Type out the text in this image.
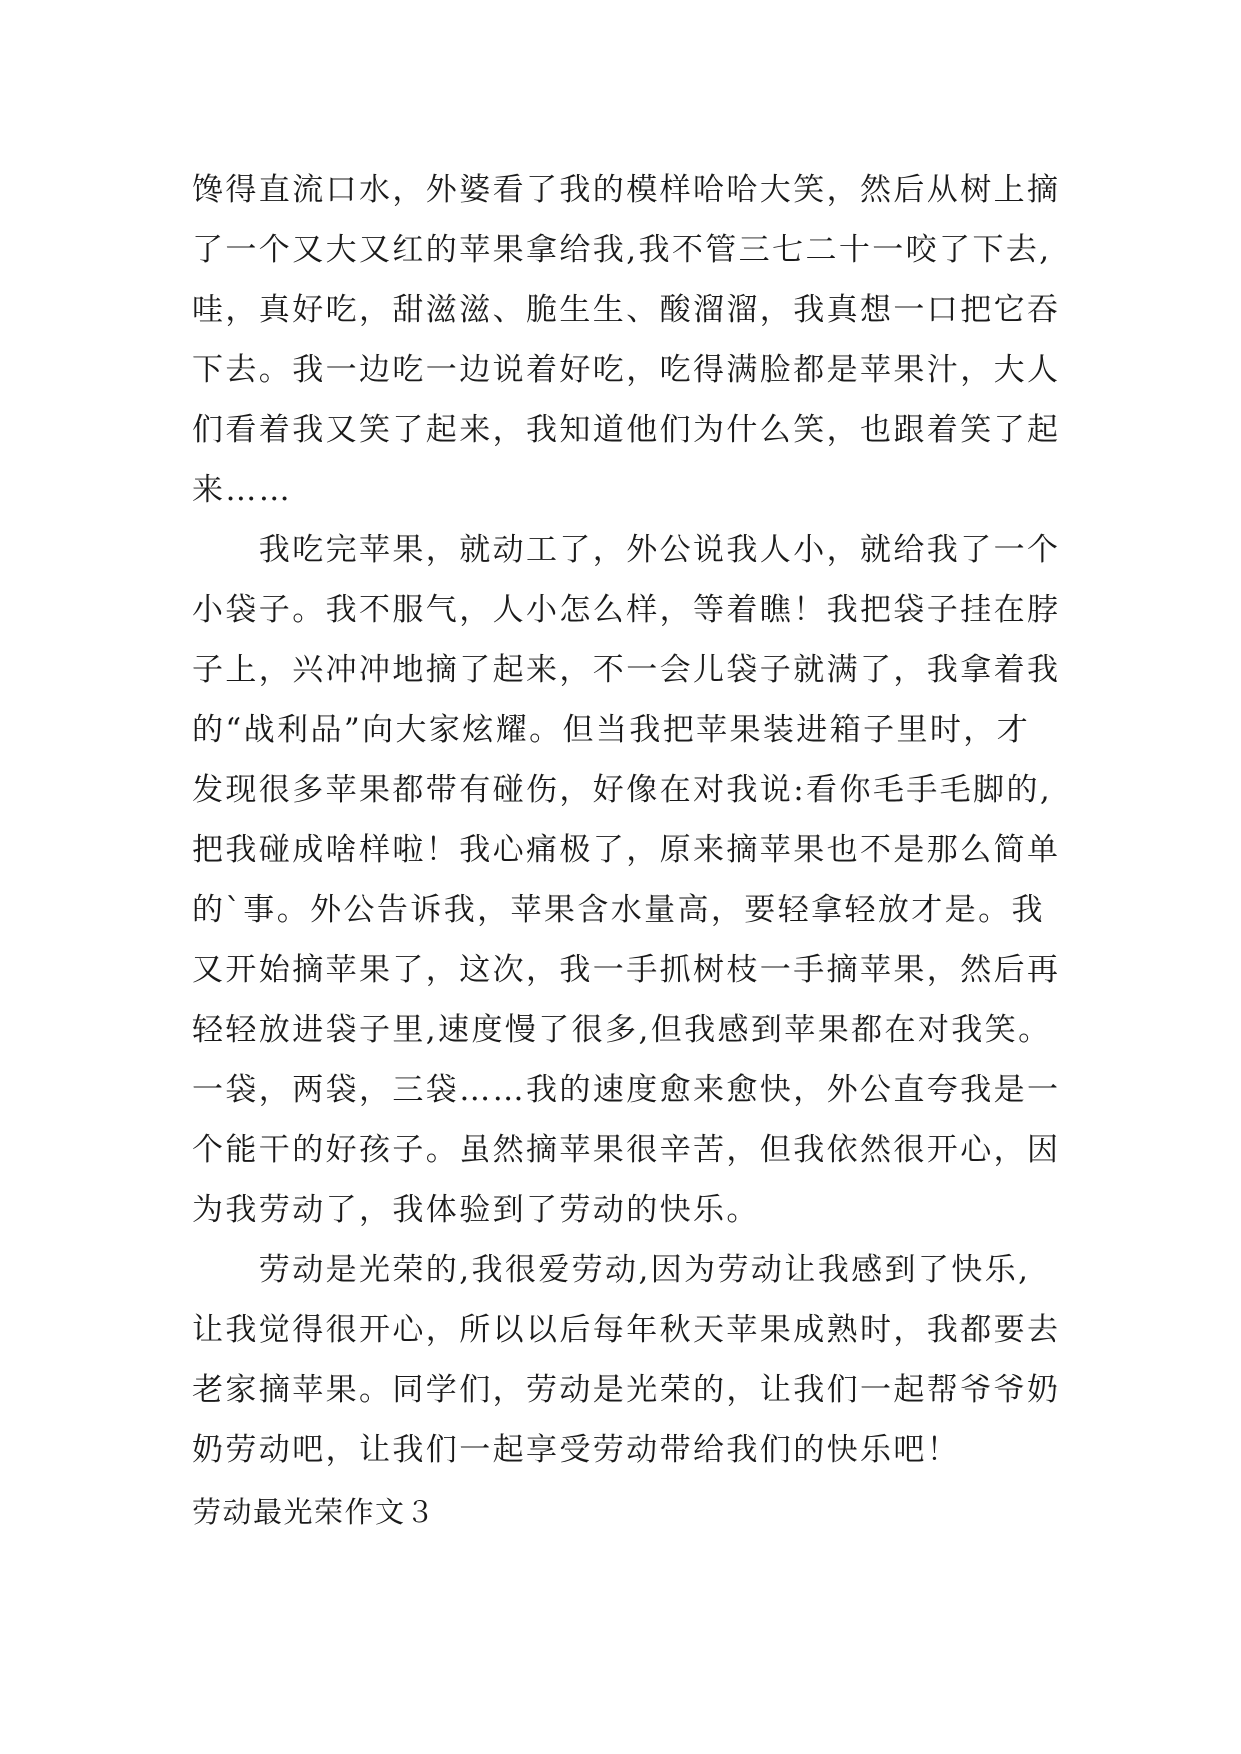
馋得直流口水，外婆看了我的模样哈哈大笑，然后从树上摘
了一个又大又红的苹果拿给我,我不管三七二十一咬了下去,
哇，真好吃，甜滋滋、脆生生、酸溜溜，我真想一口把它吞
下去。我一边吃一边说着好吃，吃得满脸都是苹果汁，大人
们看着我又笑了起来，我知道他们为什么笑，也跟着笑了起
来……
　　我吃完苹果，就动工了，外公说我人小，就给我了一个
小袋子。我不服气，人小怎么样，等着瞧！我把袋子挂在脖
子上，兴冲冲地摘了起来，不一会儿袋子就满了，我拿着我
的“战利品”向大家炫耀。但当我把苹果装进箱子里时，才
发现很多苹果都带有碰伤，好像在对我说:看你毛手毛脚的,
把我碰成啥样啦！我心痛极了，原来摘苹果也不是那么简单
的`事。外公告诉我，苹果含水量高，要轻拿轻放才是。我
又开始摘苹果了，这次，我一手抓树枝一手摘苹果，然后再
轻轻放进袋子里,速度慢了很多,但我感到苹果都在对我笑。
一袋，两袋，三袋……我的速度愈来愈快，外公直夸我是一
个能干的好孩子。虽然摘苹果很辛苦，但我依然很开心，因
为我劳动了，我体验到了劳动的快乐。
　　劳动是光荣的,我很爱劳动,因为劳动让我感到了快乐,
让我觉得很开心，所以以后每年秋天苹果成熟时，我都要去
老家摘苹果。同学们，劳动是光荣的，让我们一起帮爷爷奶
奶劳动吧，让我们一起享受劳动带给我们的快乐吧！
劳动最光荣作文３
